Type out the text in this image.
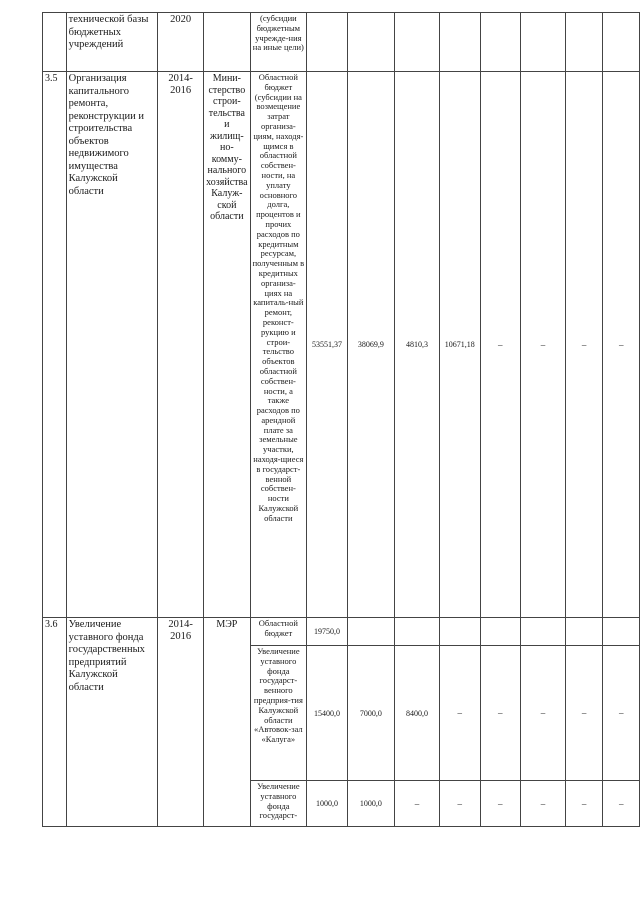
	технической базы бюджетных учреждений	2020		(субсидии бюджетным учрежде-ния на иные цели)								
3.5	Организация капитального ремонта, реконструкции и строительства объектов недвижимого имущества Калужской области	2014-2016	Мини-стерство строи-тельства и жилищ-но-комму-нального хозяйства Калуж-ской области	Областной бюджет (субсидии на возмещение затрат организа-циям, находя-щимся в областной собствен-ности, на уплату основного долга, процентов и прочих расходов по кредитным ресурсам, полученным в кредитных организа-циях на капиталь-ный ремонт, реконст-рукцию и строи-тельство объектов областной собствен-ности, а также расходов по арендной плате за земельные участки, находя-щиеся в государст-венной собствен-ности Калужской области	53551,37	38069,9	4810,3	10671,18	–	–	–	–
3.6	Увеличение уставного фонда государственных предприятий Калужской области	2014-2016	МЭР	Областной бюджет	19750,0							
				Увеличение уставного фонда государст-венного предприя-тия Калужской области «Автовок-зал «Калуга»	15400,0	7000,0	8400,0	–	–	–	–	–
				Увеличение уставного фонда государст-	1000,0	1000,0	–	–	–	–	–	–
